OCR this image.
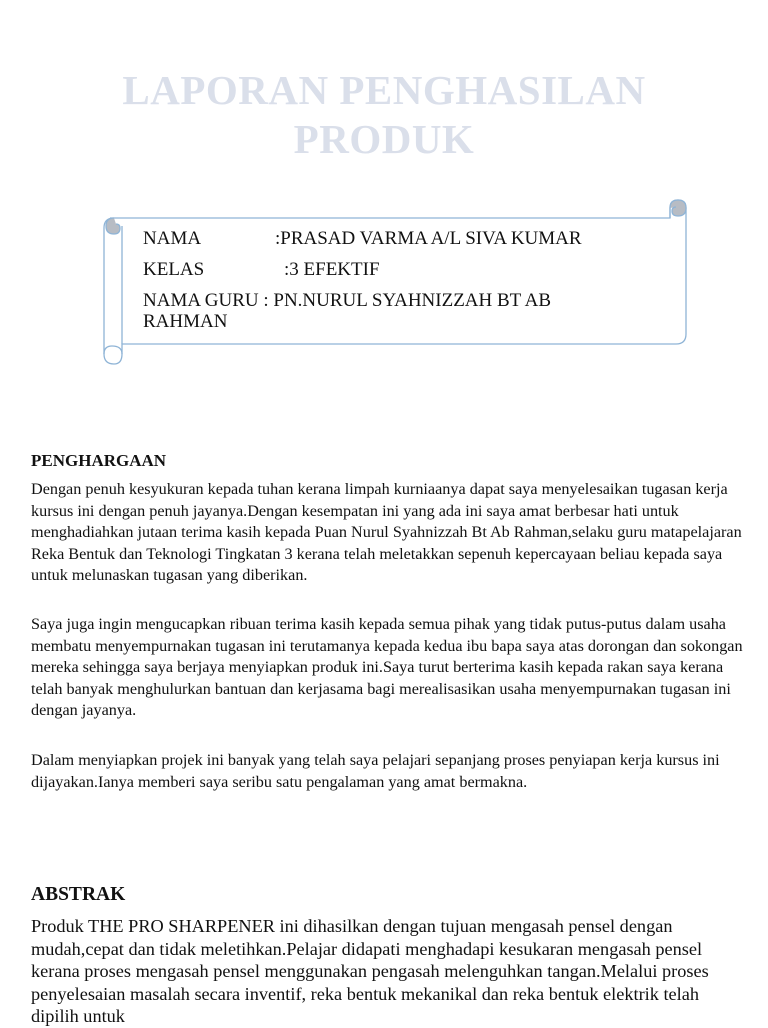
LAPORAN PENGHASILAN
PRODUK
NAMA	:PRASAD VARMA A/L SIVA KUMAR
KELAS	:3 EFEKTIF
NAMA GURU : PN.NURUL SYAHNIZZAH BT AB RAHMAN
PENGHARGAAN

Dengan penuh kesyukuran kepada tuhan kerana limpah kurniaanya dapat saya menyelesaikan tugasan kerja kursus ini dengan penuh jayanya.Dengan kesempatan ini yang ada ini saya amat berbesar hati untuk menghadiahkan jutaan terima kasih kepada Puan Nurul Syahnizzah Bt Ab Rahman,selaku guru matapelajaran Reka Bentuk dan Teknologi Tingkatan 3 kerana telah meletakkan sepenuh kepercayaan beliau kepada saya untuk melunaskan tugasan yang diberikan.

Saya juga ingin mengucapkan ribuan terima kasih kepada semua pihak yang tidak putus-putus dalam usaha membatu menyempurnakan tugasan ini terutamanya kepada kedua ibu bapa saya atas dorongan dan sokongan mereka sehingga saya berjaya menyiapkan produk ini.Saya turut berterima kasih kepada rakan saya kerana telah banyak menghulurkan bantuan dan kerjasama bagi merealisasikan usaha menyempurnakan tugasan ini dengan jayanya.

Dalam menyiapkan projek ini banyak yang telah saya pelajari sepanjang proses penyiapan kerja kursus ini dijayakan.Ianya memberi saya seribu satu pengalaman yang amat bermakna.

ABSTRAK

Produk THE PRO SHARPENER ini dihasilkan dengan tujuan mengasah pensel dengan mudah,cepat dan tidak meletihkan.Pelajar didapati menghadapi kesukaran mengasah pensel kerana proses mengasah pensel menggunakan pengasah melenguhkan tangan.Melalui proses penyelesaian masalah secara inventif, reka bentuk mekanikal dan reka bentuk elektrik telah dipilih untuk
